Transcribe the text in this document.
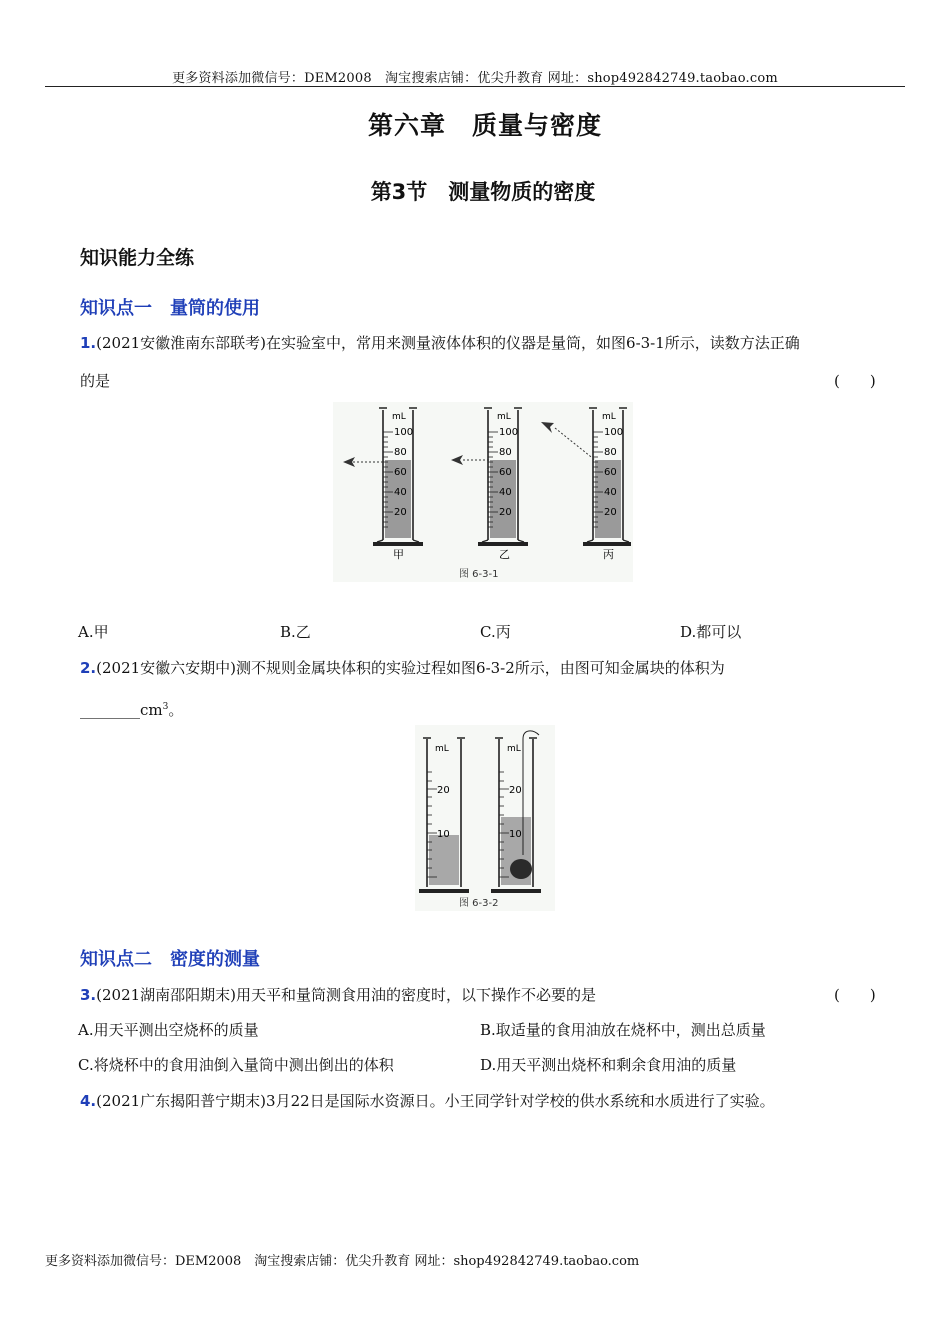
更多资料添加微信号：DEM2008　淘宝搜索店铺：优尖升教育 网址：shop492842749.taobao.com
第六章　质量与密度
第3节　测量物质的密度
知识能力全练
知识点一　量筒的使用
1.(2021安徽淮南东部联考)在实验室中，常用来测量液体体积的仪器是量筒，如图6-3-1所示，读数方法正确
的是	(　　)
mL
100
80
60
40
20
甲
mL
100
80
60
40
20
乙
mL
100
80
60
40
20
丙
图 6-3-1
A.甲	B.乙	C.丙	D.都可以
2.(2021安徽六安期中)测不规则金属块体积的实验过程如图6-3-2所示，由图可知金属块的体积为
$\_\_\_\_\_\_\_\_cm^3$。
mL
20
10
mL
20
10
图 6-3-2
知识点二　密度的测量
3.(2021湖南邵阳期末)用天平和量筒测食用油的密度时，以下操作不必要的是	(　　)
A.用天平测出空烧杯的质量	B.取适量的食用油放在烧杯中，测出总质量
C.将烧杯中的食用油倒入量筒中测出倒出的体积	D.用天平测出烧杯和剩余食用油的质量
4.(2021广东揭阳普宁期末)3月22日是国际水资源日。小王同学针对学校的供水系统和水质进行了实验。
更多资料添加微信号：DEM2008　淘宝搜索店铺：优尖升教育 网址：shop492842749.taobao.com
